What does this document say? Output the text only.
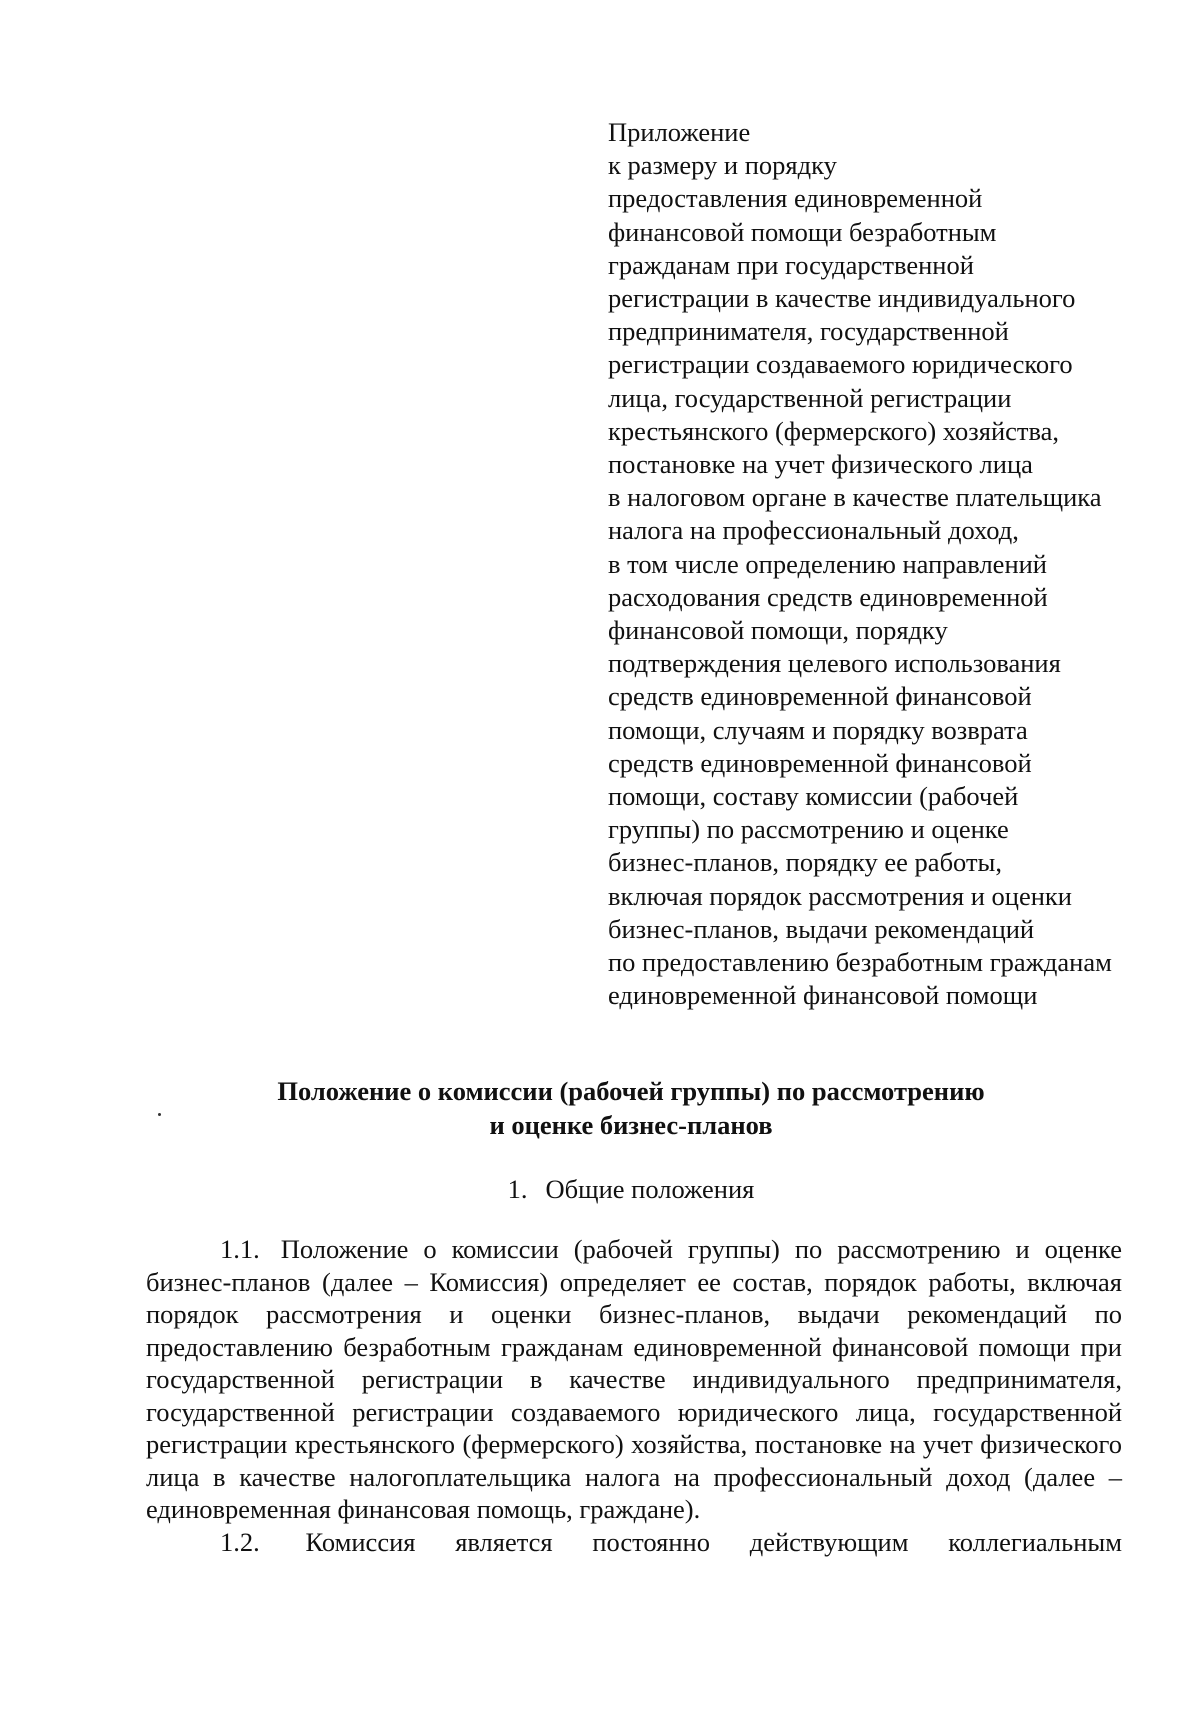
Приложение
к размеру и порядку
предоставления единовременной
финансовой помощи безработным
гражданам при государственной
регистрации в качестве индивидуального
предпринимателя, государственной
регистрации создаваемого юридического
лица, государственной регистрации
крестьянского (фермерского) хозяйства,
постановке на учет физического лица
в налоговом органе в качестве плательщика
налога на профессиональный доход,
в том числе определению направлений
расходования средств единовременной
финансовой помощи, порядку
подтверждения целевого использования
средств единовременной финансовой
помощи, случаям и порядку возврата
средств единовременной финансовой
помощи, составу комиссии (рабочей
группы) по рассмотрению и оценке
бизнес-планов, порядку ее работы,
включая порядок рассмотрения и оценки
бизнес-планов, выдачи рекомендаций
по предоставлению безработным гражданам
единовременной финансовой помощи
Положение о комиссии (рабочей группы) по рассмотрению
и оценке бизнес-планов
1. Общие положения

1.1. Положение о комиссии (рабочей группы) по рассмотрению и оценке бизнес-планов (далее – Комиссия) определяет ее состав, порядок работы, включая порядок рассмотрения и оценки бизнес-планов, выдачи рекомендаций по предоставлению безработным гражданам единовременной финансовой помощи при государственной регистрации в качестве индивидуального предпринимателя, государственной регистрации создаваемого юридического лица, государственной регистрации крестьянского (фермерского) хозяйства, постановке на учет физического лица в качестве налогоплательщика налога на профессиональный доход (далее – единовременная финансовая помощь, граждане).

1.2. Комиссия является постоянно действующим коллегиальным
